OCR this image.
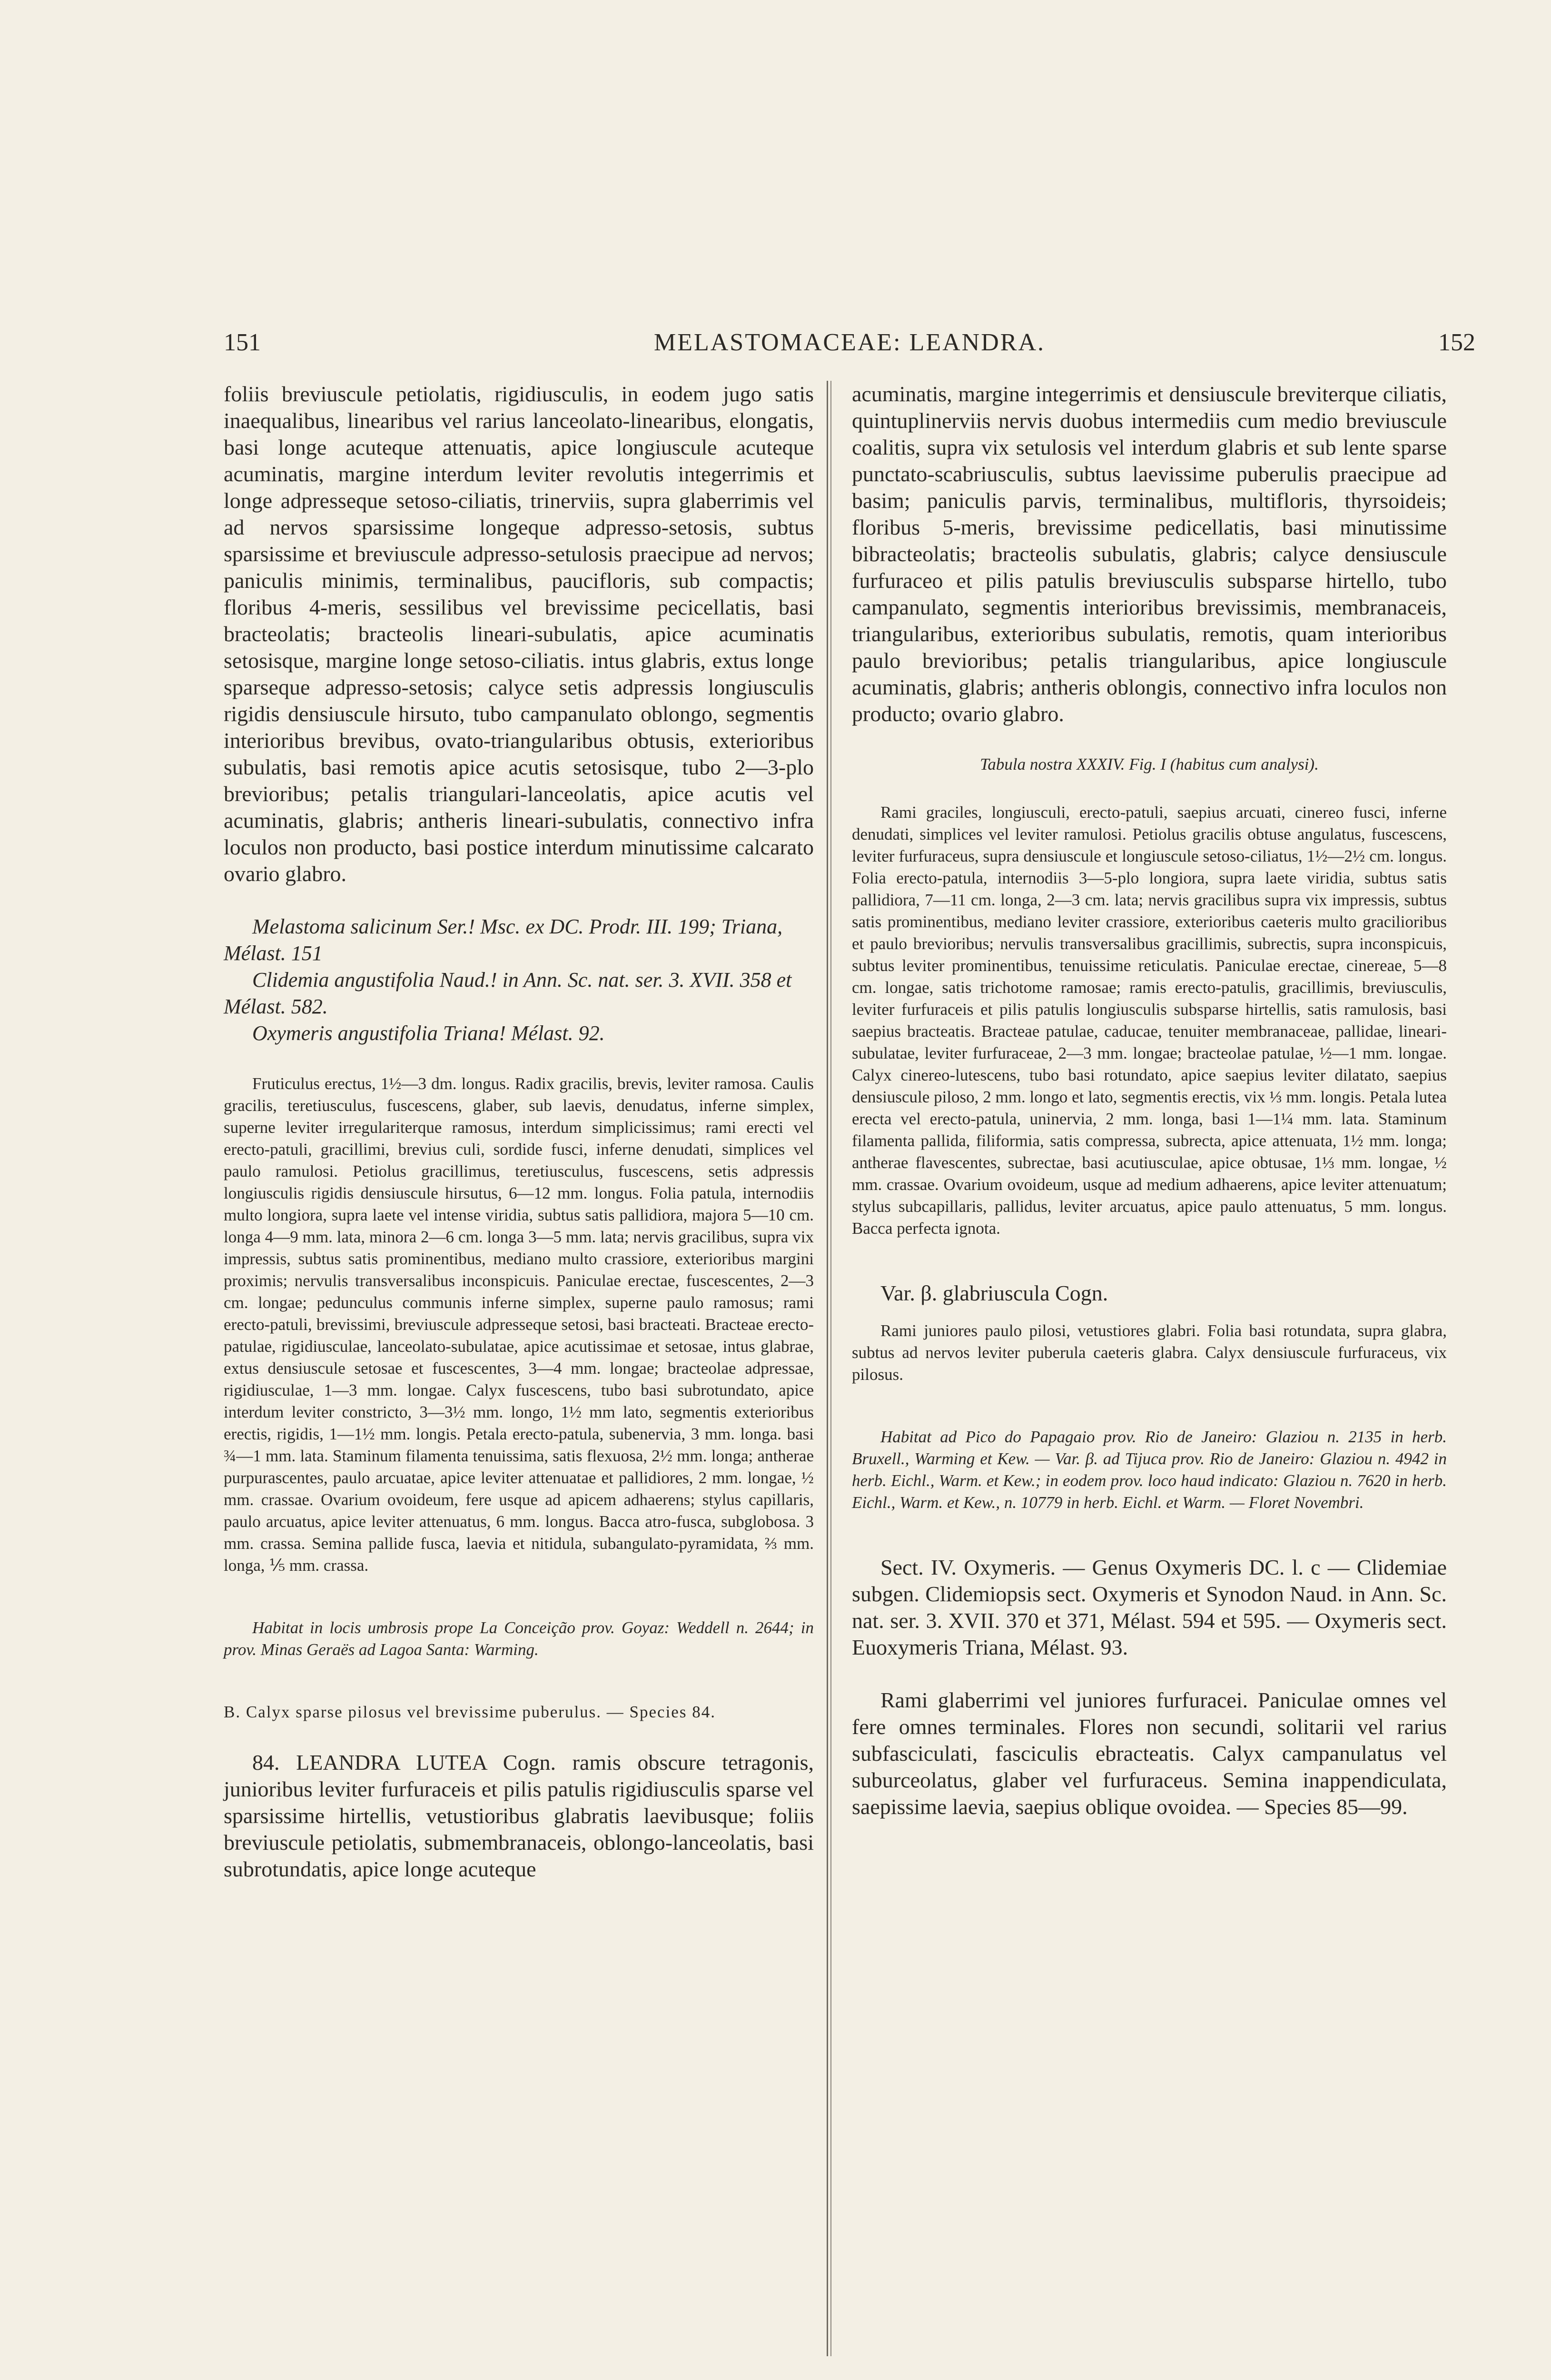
151	MELASTOMACEAE: LEANDRA.	152

foliis breviuscule petiolatis, rigidiusculis, in eodem jugo satis inaequalibus, linearibus vel rarius lanceolato-linearibus, elongatis, basi longe acuteque attenuatis, apice longiuscule acuteque acuminatis, margine interdum leviter revolutis integerrimis et longe adpresseque setoso-ciliatis, trinerviis, supra glaberrimis vel ad nervos sparsissime longeque adpresso-setosis, subtus sparsissime et breviuscule adpresso-setulosis praecipue ad nervos; paniculis minimis, terminalibus, paucifloris, sub compactis; floribus 4-meris, sessilibus vel brevissime pecicellatis, basi bracteolatis; bracteolis lineari-subulatis, apice acuminatis setosisque, margine longe setoso-ciliatis. intus glabris, extus longe sparseque adpresso-setosis; calyce setis adpressis longiusculis rigidis densiuscule hirsuto, tubo campanulato oblongo, segmentis interioribus brevibus, ovato-triangularibus obtusis, exterioribus subulatis, basi remotis apice acutis setosisque, tubo 2—3-plo brevioribus; petalis triangulari-lanceolatis, apice acutis vel acuminatis, glabris; antheris lineari-subulatis, connectivo infra loculos non producto, basi postice interdum minutissime calcarato ovario glabro.

Melastoma salicinum Ser.! Msc. ex DC. Prodr. III. 199; Triana, Mélast. 151

Clidemia angustifolia Naud.! in Ann. Sc. nat. ser. 3. XVII. 358 et Mélast. 582.

Oxymeris angustifolia Triana! Mélast. 92.

Fruticulus erectus, 1½—3 dm. longus. Radix gracilis, brevis, leviter ramosa. Caulis gracilis, teretiusculus, fuscescens, glaber, sub laevis, denudatus, inferne simplex, superne leviter irregulariterque ramosus, interdum simplicissimus; rami erecti vel erecto-patuli, gracillimi, brevius culi, sordide fusci, inferne denudati, simplices vel paulo ramulosi. Petiolus gracillimus, teretiusculus, fuscescens, setis adpressis longiusculis rigidis densiuscule hirsutus, 6—12 mm. longus. Folia patula, internodiis multo longiora, supra laete vel intense viridia, subtus satis pallidiora, majora 5—10 cm. longa 4—9 mm. lata, minora 2—6 cm. longa 3—5 mm. lata; nervis gracilibus, supra vix impressis, subtus satis prominentibus, mediano multo crassiore, exterioribus margini proximis; nervulis transversalibus inconspicuis. Paniculae erectae, fuscescentes, 2—3 cm. longae; pedunculus communis inferne simplex, superne paulo ramosus; rami erecto-patuli, brevissimi, breviuscule adpresseque setosi, basi bracteati. Bracteae erecto-patulae, rigidiusculae, lanceolato-subulatae, apice acutissimae et setosae, intus glabrae, extus densiuscule setosae et fuscescentes, 3—4 mm. longae; bracteolae adpressae, rigidiusculae, 1—3 mm. longae. Calyx fuscescens, tubo basi subrotundato, apice interdum leviter constricto, 3—3½ mm. longo, 1½ mm lato, segmentis exterioribus erectis, rigidis, 1—1½ mm. longis. Petala erecto-patula, subenervia, 3 mm. longa. basi ¾—1 mm. lata. Staminum filamenta tenuissima, satis flexuosa, 2½ mm. longa; antherae purpurascentes, paulo arcuatae, apice leviter attenuatae et pallidiores, 2 mm. longae, ½ mm. crassae. Ovarium ovoideum, fere usque ad apicem adhaerens; stylus capillaris, paulo arcuatus, apice leviter attenuatus, 6 mm. longus. Bacca atro-fusca, subglobosa. 3 mm. crassa. Semina pallide fusca, laevia et nitidula, subangulato-pyramidata, ⅔ mm. longa, ⅕ mm. crassa.

Habitat in locis umbrosis prope La Conceição prov. Goyaz: Weddell n. 2644; in prov. Minas Geraës ad Lagoa Santa: Warming.

B. Calyx sparse pilosus vel brevissime puberulus. — Species 84.

84. LEANDRA LUTEA Cogn. ramis obscure tetragonis, junioribus leviter furfuraceis et pilis patulis rigidiusculis sparse vel sparsissime hirtellis, vetustioribus glabratis laevibusque; foliis breviuscule petiolatis, submembranaceis, oblongo-lanceolatis, basi subrotundatis, apice longe acuteque

acuminatis, margine integerrimis et densiuscule breviterque ciliatis, quintuplinerviis nervis duobus intermediis cum medio breviuscule coalitis, supra vix setulosis vel interdum glabris et sub lente sparse punctato-scabriusculis, subtus laevissime puberulis praecipue ad basim; paniculis parvis, terminalibus, multifloris, thyrsoideis; floribus 5-meris, brevissime pedicellatis, basi minutissime bibracteolatis; bracteolis subulatis, glabris; calyce densiuscule furfuraceo et pilis patulis breviusculis subsparse hirtello, tubo campanulato, segmentis interioribus brevissimis, membranaceis, triangularibus, exterioribus subulatis, remotis, quam interioribus paulo brevioribus; petalis triangularibus, apice longiuscule acuminatis, glabris; antheris oblongis, connectivo infra loculos non producto; ovario glabro.

Tabula nostra XXXIV. Fig. I (habitus cum analysi).

Rami graciles, longiusculi, erecto-patuli, saepius arcuati, cinereo fusci, inferne denudati, simplices vel leviter ramulosi. Petiolus gracilis obtuse angulatus, fuscescens, leviter furfuraceus, supra densiuscule et longiuscule setoso-ciliatus, 1½—2½ cm. longus. Folia erecto-patula, internodiis 3—5-plo longiora, supra laete viridia, subtus satis pallidiora, 7—11 cm. longa, 2—3 cm. lata; nervis gracilibus supra vix impressis, subtus satis prominentibus, mediano leviter crassiore, exterioribus caeteris multo gracilioribus et paulo brevioribus; nervulis transversalibus gracillimis, subrectis, supra inconspicuis, subtus leviter prominentibus, tenuissime reticulatis. Paniculae erectae, cinereae, 5—8 cm. longae, satis trichotome ramosae; ramis erecto-patulis, gracillimis, breviusculis, leviter furfuraceis et pilis patulis longiusculis subsparse hirtellis, satis ramulosis, basi saepius bracteatis. Bracteae patulae, caducae, tenuiter membranaceae, pallidae, lineari-subulatae, leviter furfuraceae, 2—3 mm. longae; bracteolae patulae, ½—1 mm. longae. Calyx cinereo-lutescens, tubo basi rotundato, apice saepius leviter dilatato, saepius densiuscule piloso, 2 mm. longo et lato, segmentis erectis, vix ⅓ mm. longis. Petala lutea erecta vel erecto-patula, uninervia, 2 mm. longa, basi 1—1¼ mm. lata. Staminum filamenta pallida, filiformia, satis compressa, subrecta, apice attenuata, 1½ mm. longa; antherae flavescentes, subrectae, basi acutiusculae, apice obtusae, 1⅓ mm. longae, ½ mm. crassae. Ovarium ovoideum, usque ad medium adhaerens, apice leviter attenuatum; stylus subcapillaris, pallidus, leviter arcuatus, apice paulo attenuatus, 5 mm. longus. Bacca perfecta ignota.

Var. β. glabriuscula Cogn.

Rami juniores paulo pilosi, vetustiores glabri. Folia basi rotundata, supra glabra, subtus ad nervos leviter puberula caeteris glabra. Calyx densiuscule furfuraceus, vix pilosus.

Habitat ad Pico do Papagaio prov. Rio de Janeiro: Glaziou n. 2135 in herb. Bruxell., Warming et Kew. — Var. β. ad Tijuca prov. Rio de Janeiro: Glaziou n. 4942 in herb. Eichl., Warm. et Kew.; in eodem prov. loco haud indicato: Glaziou n. 7620 in herb. Eichl., Warm. et Kew., n. 10779 in herb. Eichl. et Warm. — Floret Novembri.

Sect. IV. Oxymeris. — Genus Oxymeris DC. l. c — Clidemiae subgen. Clidemiopsis sect. Oxymeris et Synodon Naud. in Ann. Sc. nat. ser. 3. XVII. 370 et 371, Mélast. 594 et 595. — Oxymeris sect. Euoxymeris Triana, Mélast. 93.

Rami glaberrimi vel juniores furfuracei. Paniculae omnes vel fere omnes terminales. Flores non secundi, solitarii vel rarius subfasciculati, fasciculis ebracteatis. Calyx campanulatus vel suburceolatus, glaber vel furfuraceus. Semina inappendiculata, saepissime laevia, saepius oblique ovoidea. — Species 85—99.
